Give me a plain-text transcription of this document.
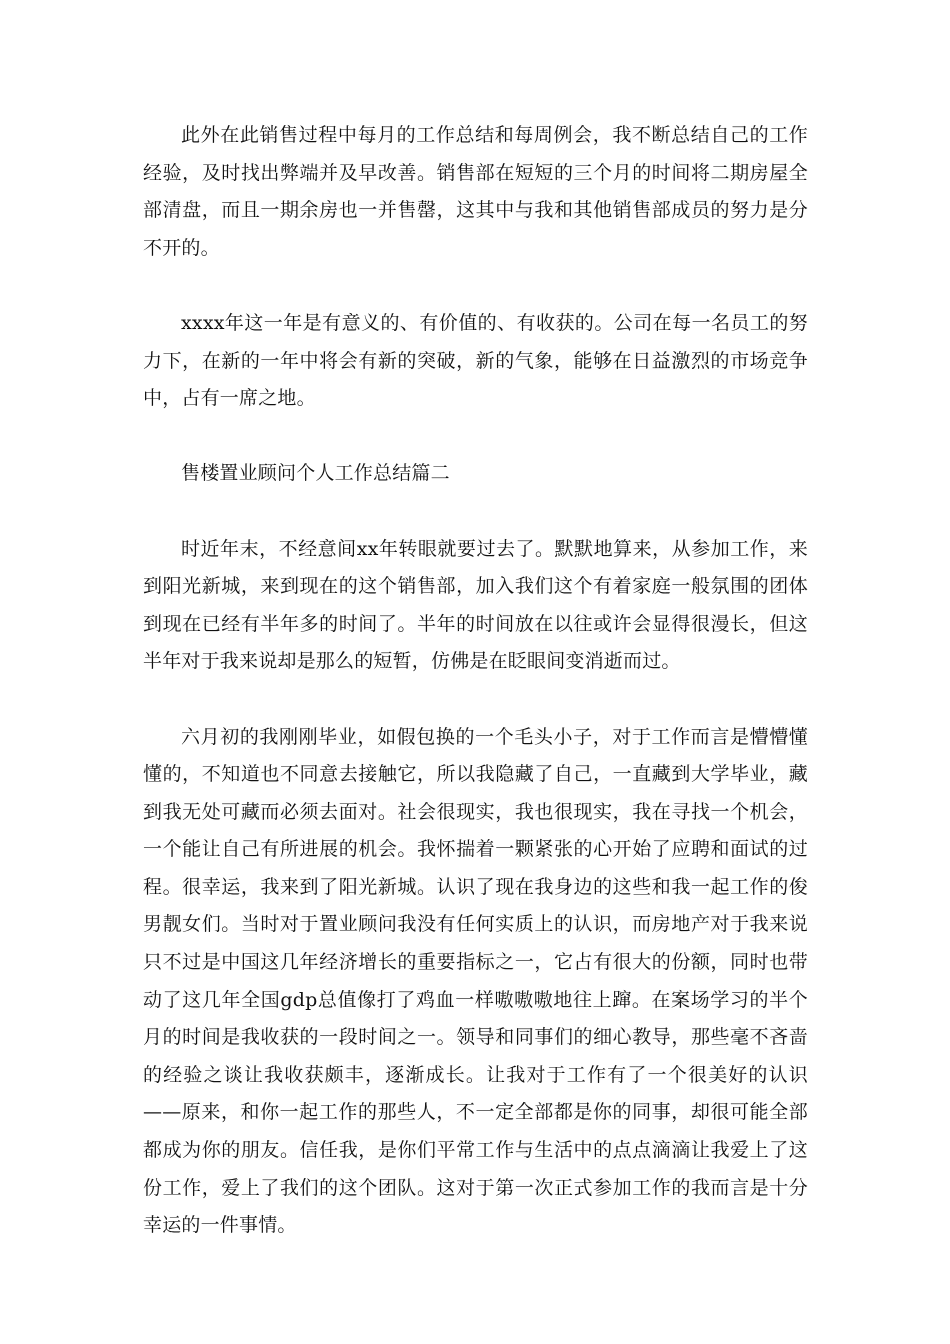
此外在此销售过程中每月的工作总结和每周例会，我不断总结自己的工作经验，及时找出弊端并及早改善。销售部在短短的三个月的时间将二期房屋全部清盘，而且一期余房也一并售罄，这其中与我和其他销售部成员的努力是分不开的。

xxxx年这一年是有意义的、有价值的、有收获的。公司在每一名员工的努力下，在新的一年中将会有新的突破，新的气象，能够在日益激烈的市场竞争中，占有一席之地。

售楼置业顾问个人工作总结篇二

时近年末，不经意间xx年转眼就要过去了。默默地算来，从参加工作，来到阳光新城，来到现在的这个销售部，加入我们这个有着家庭一般氛围的团体到现在已经有半年多的时间了。半年的时间放在以往或许会显得很漫长，但这半年对于我来说却是那么的短暂，仿佛是在眨眼间变消逝而过。

六月初的我刚刚毕业，如假包换的一个毛头小子，对于工作而言是懵懵懂懂的，不知道也不同意去接触它，所以我隐藏了自己，一直藏到大学毕业，藏到我无处可藏而必须去面对。社会很现实，我也很现实，我在寻找一个机会，一个能让自己有所进展的机会。我怀揣着一颗紧张的心开始了应聘和面试的过程。很幸运，我来到了阳光新城。认识了现在我身边的这些和我一起工作的俊男靓女们。当时对于置业顾问我没有任何实质上的认识，而房地产对于我来说只不过是中国这几年经济增长的重要指标之一，它占有很大的份额，同时也带动了这几年全国gdp总值像打了鸡血一样嗷嗷嗷地往上蹿。在案场学习的半个月的时间是我收获的一段时间之一。领导和同事们的细心教导，那些毫不吝啬的经验之谈让我收获颇丰，逐渐成长。让我对于工作有了一个很美好的认识——原来，和你一起工作的那些人，不一定全部都是你的同事，却很可能全部都成为你的朋友。信任我，是你们平常工作与生活中的点点滴滴让我爱上了这份工作，爱上了我们的这个团队。这对于第一次正式参加工作的我而言是十分幸运的一件事情。
